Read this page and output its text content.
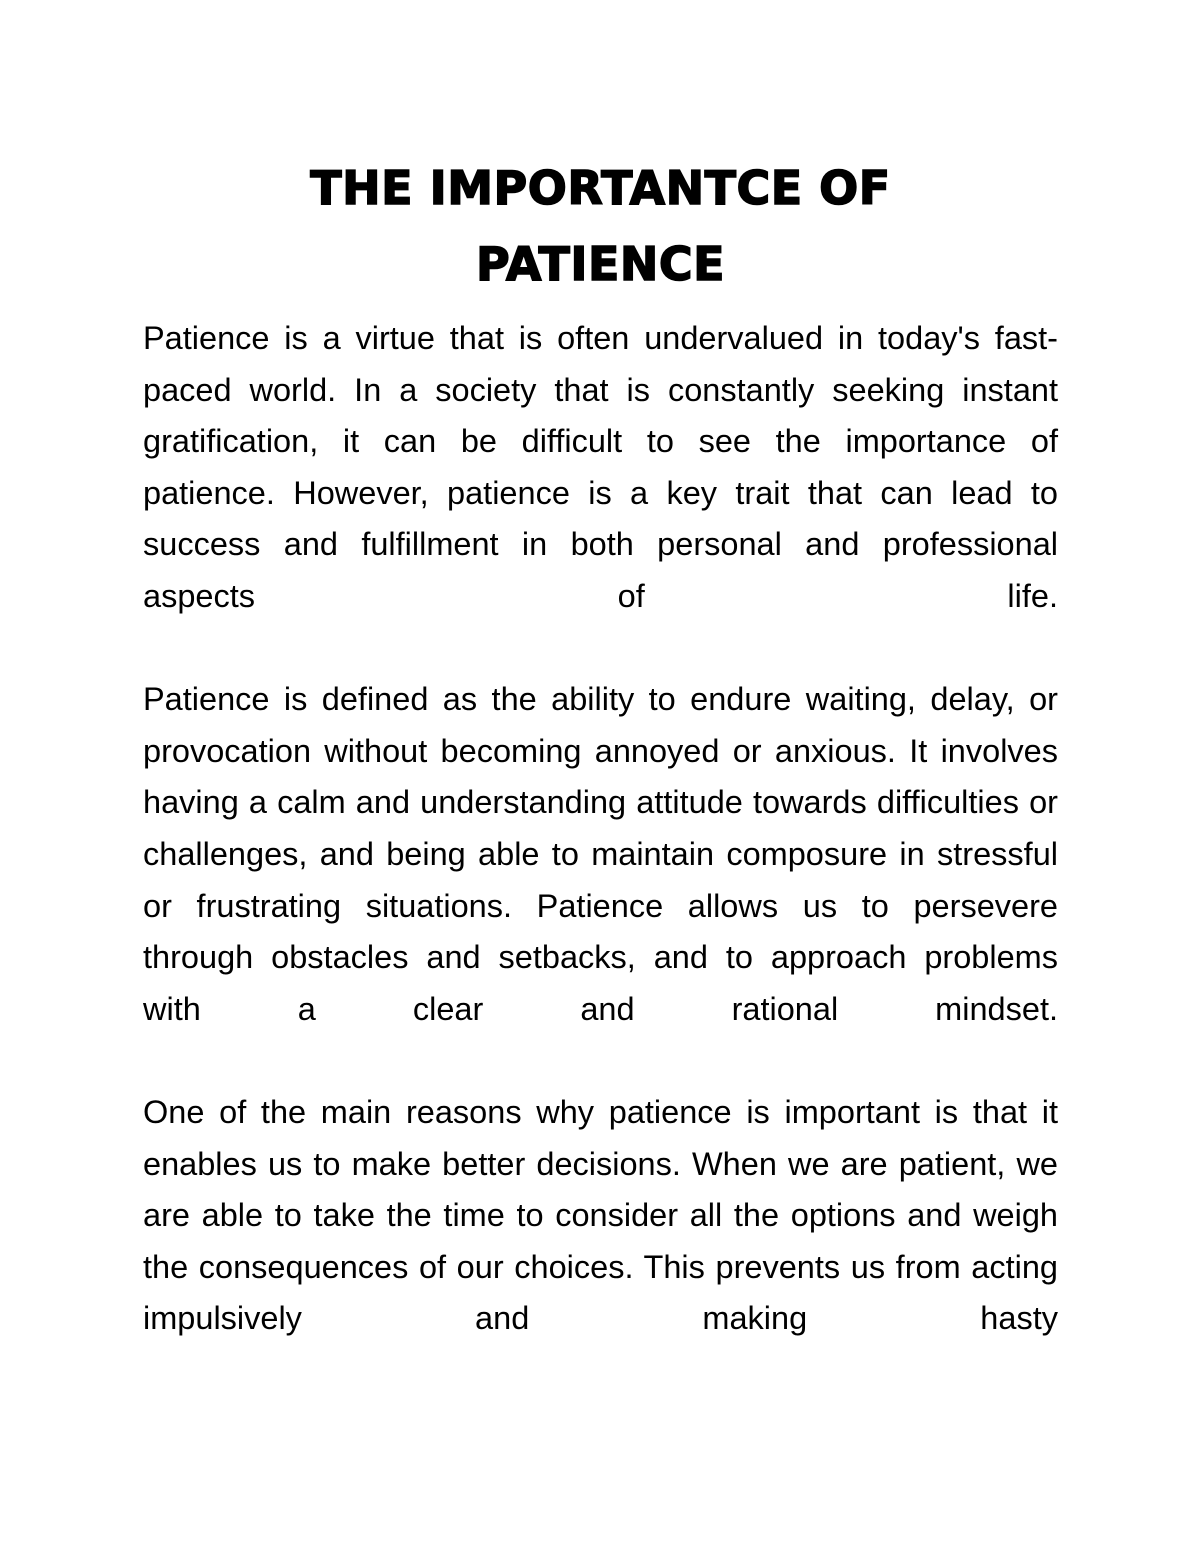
THE IMPORTANTCE OF
PATIENCE

Patience is a virtue that is often undervalued in today's fast-paced world. In a society that is constantly seeking instant gratification, it can be difficult to see the importance of patience. However, patience is a key trait that can lead to success and fulfillment in both personal and professional aspects of life.

Patience is defined as the ability to endure waiting, delay, or provocation without becoming annoyed or anxious. It involves having a calm and understanding attitude towards difficulties or challenges, and being able to maintain composure in stressful or frustrating situations. Patience allows us to persevere through obstacles and setbacks, and to approach problems with a clear and rational mindset.

One of the main reasons why patience is important is that it enables us to make better decisions. When we are patient, we are able to take the time to consider all the options and weigh the consequences of our choices. This prevents us from acting impulsively and making hasty
